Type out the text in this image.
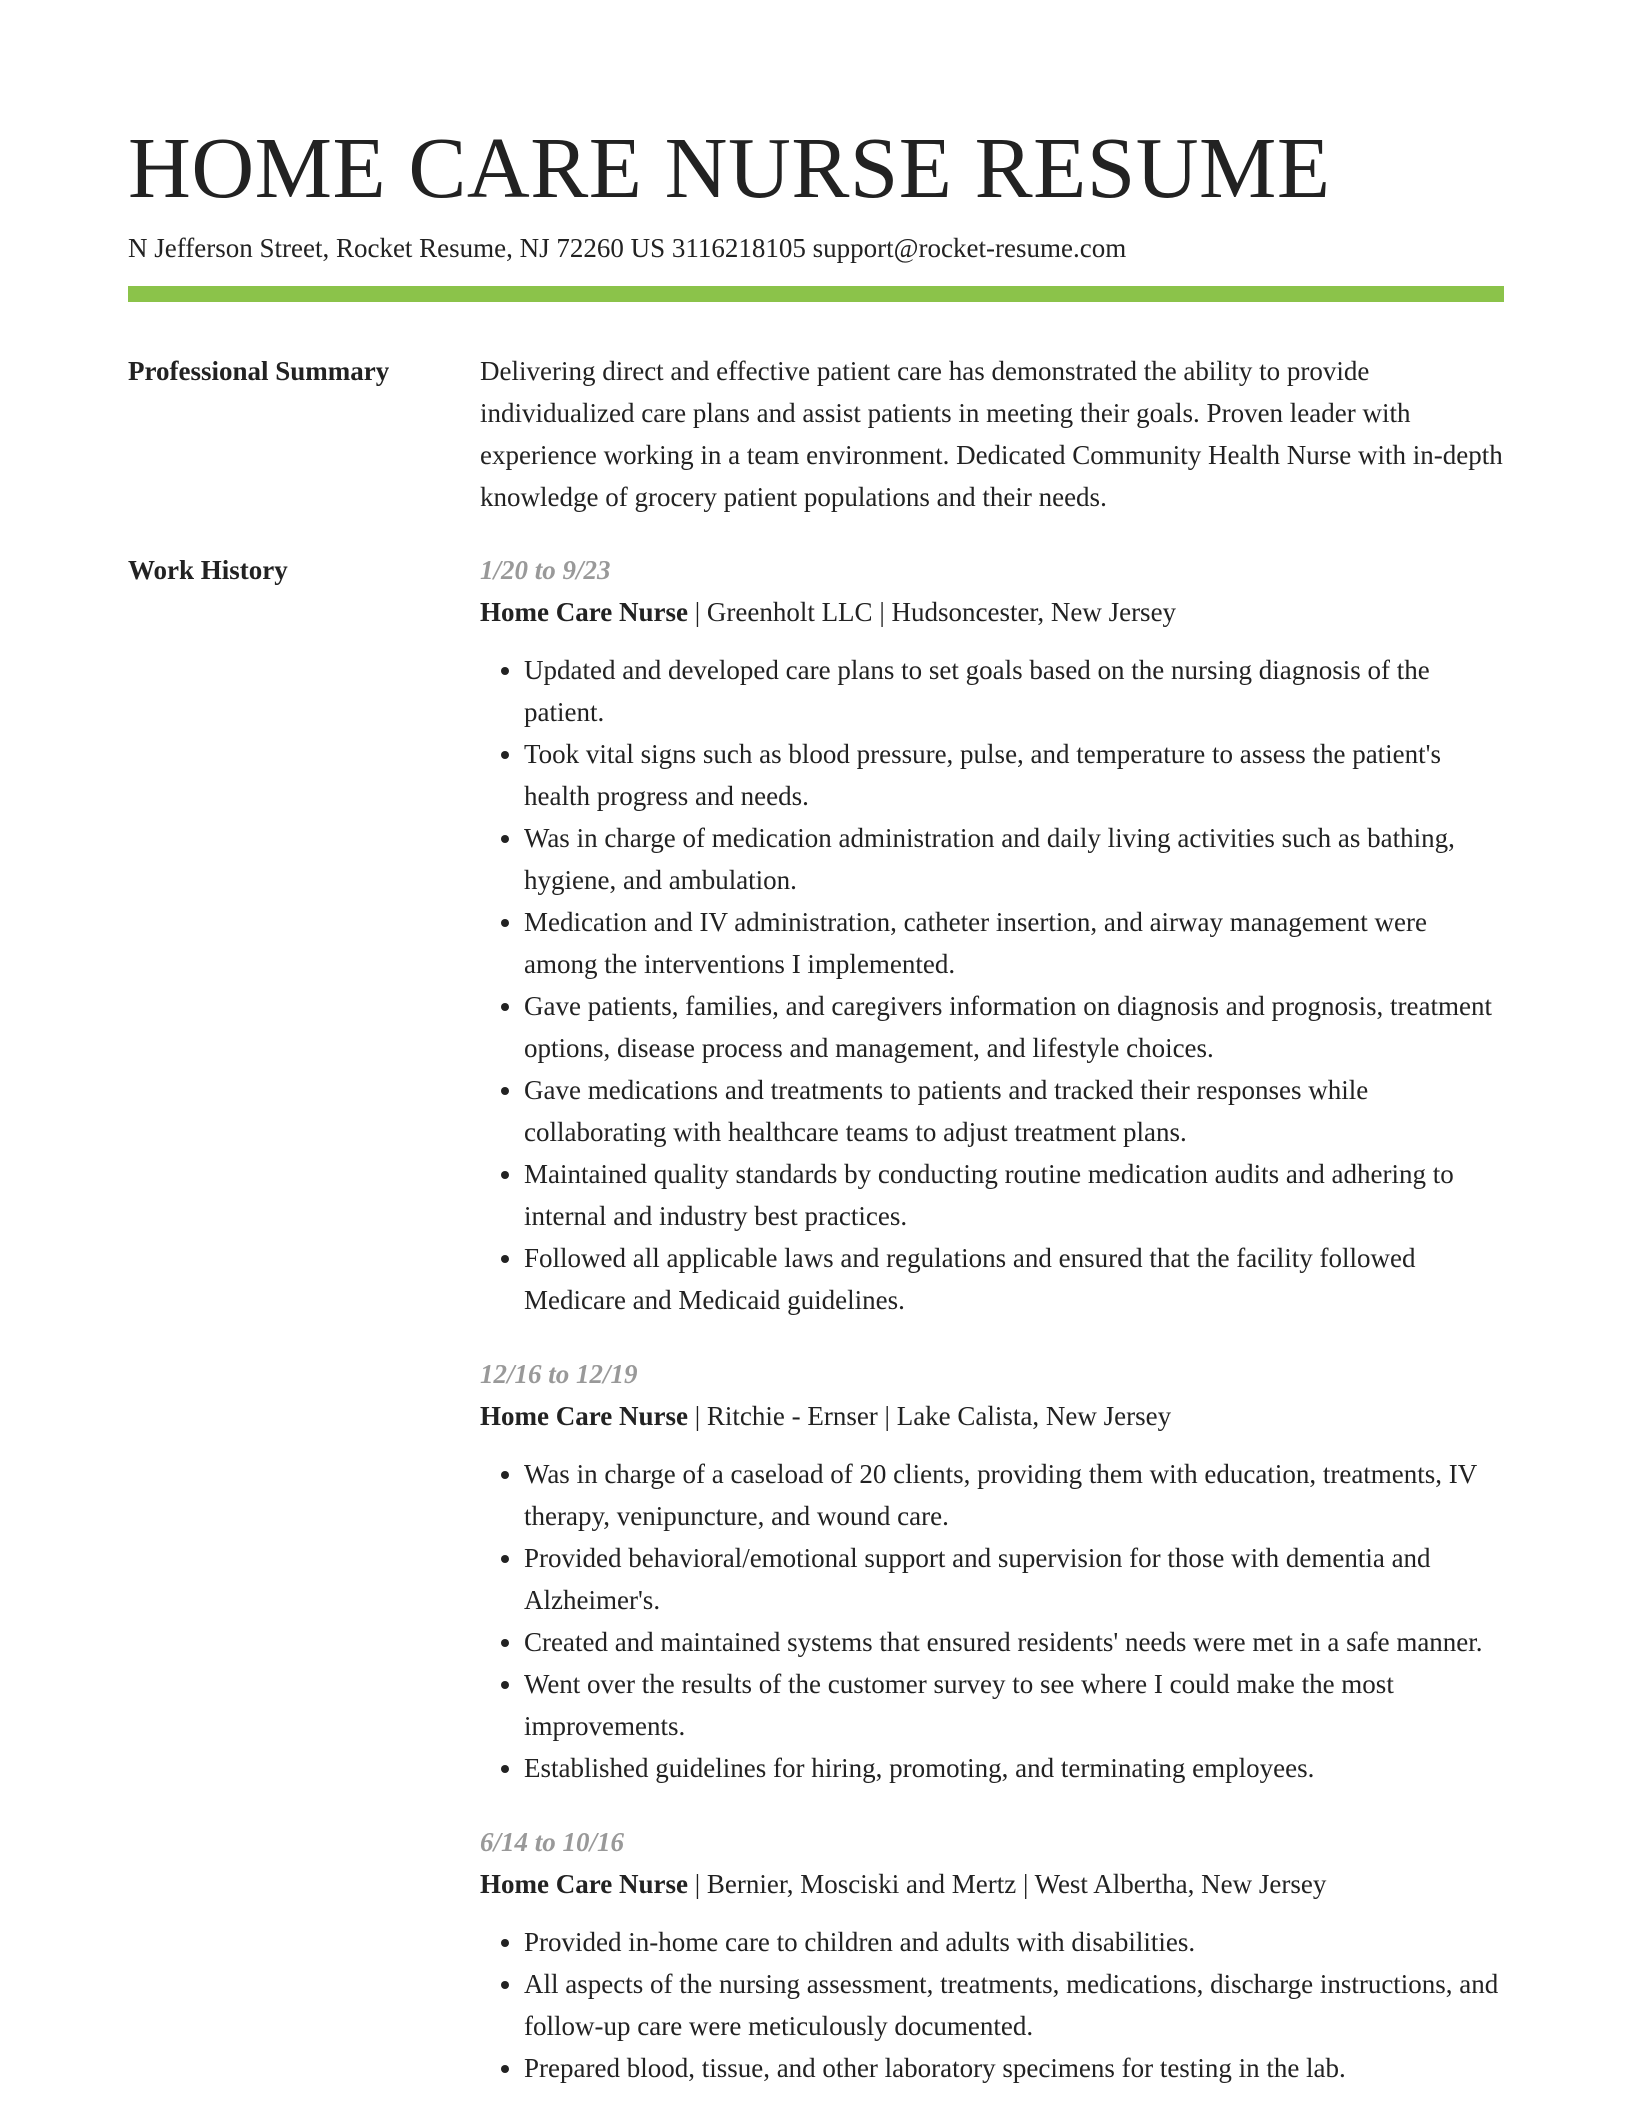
HOME CARE NURSE RESUME
N Jefferson Street, Rocket Resume, NJ 72260 US 3116218105 support@rocket-resume.com
Professional Summary	Delivering direct and effective patient care has demonstrated the ability to provide individualized care plans and assist patients in meeting their goals. Proven leader with experience working in a team environment. Dedicated Community Health Nurse with in-depth knowledge of grocery patient populations and their needs.

Work History	1/20 to 9/23
Home Care Nurse | Greenholt LLC | Hudsoncester, New Jersey
• Updated and developed care plans to set goals based on the nursing diagnosis of the patient.
• Took vital signs such as blood pressure, pulse, and temperature to assess the patient's health progress and needs.
• Was in charge of medication administration and daily living activities such as bathing, hygiene, and ambulation.
• Medication and IV administration, catheter insertion, and airway management were among the interventions I implemented.
• Gave patients, families, and caregivers information on diagnosis and prognosis, treatment options, disease process and management, and lifestyle choices.
• Gave medications and treatments to patients and tracked their responses while collaborating with healthcare teams to adjust treatment plans.
• Maintained quality standards by conducting routine medication audits and adhering to internal and industry best practices.
• Followed all applicable laws and regulations and ensured that the facility followed Medicare and Medicaid guidelines.
12/16 to 12/19
Home Care Nurse | Ritchie - Ernser | Lake Calista, New Jersey
• Was in charge of a caseload of 20 clients, providing them with education, treatments, IV therapy, venipuncture, and wound care.
• Provided behavioral/emotional support and supervision for those with dementia and Alzheimer's.
• Created and maintained systems that ensured residents' needs were met in a safe manner.
• Went over the results of the customer survey to see where I could make the most improvements.
• Established guidelines for hiring, promoting, and terminating employees.
6/14 to 10/16
Home Care Nurse | Bernier, Mosciski and Mertz | West Albertha, New Jersey
• Provided in-home care to children and adults with disabilities.
• All aspects of the nursing assessment, treatments, medications, discharge instructions, and follow-up care were meticulously documented.
• Prepared blood, tissue, and other laboratory specimens for testing in the lab.
